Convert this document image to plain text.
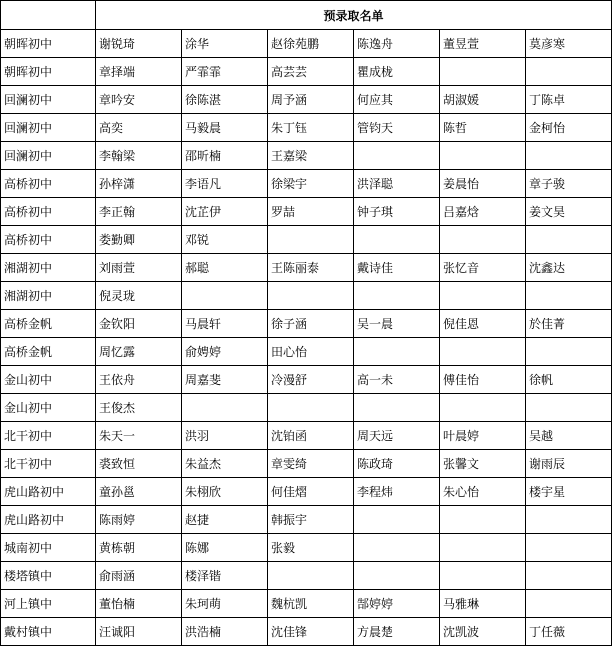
	预录取名单					
朝晖初中	谢锐琦	涂华	赵徐苑鹏	陈逸舟	董昱萱	莫彦寒
朝晖初中	章择端	严霏霏	高芸芸	瞿成栊		
回澜初中	章吟安	徐陈湛	周予涵	何应其	胡淑媛	丁陈卓
回澜初中	高奕	马毅晨	朱丁钰	管钧天	陈哲	金柯怡
回澜初中	李翰梁	邵昕楠	王嘉梁			
高桥初中	孙梓潇	李语凡	徐梁宇	洪泽聪	姜晨怡	章子骏
高桥初中	李正翰	沈芷伊	罗喆	钟子琪	吕嘉焓	姜文昊
高桥初中	娄勤卿	邓锐				
湘湖初中	刘雨萱	郝聪	王陈丽泰	戴诗佳	张忆音	沈鑫达
湘湖初中	倪灵珑					
高桥金帆	金钦阳	马晨轩	徐子涵	吴一晨	倪佳恩	於佳菁
高桥金帆	周忆露	俞娉婷	田心怡			
金山初中	王依舟	周嘉斐	冷漫舒	高一未	傅佳怡	徐帆
金山初中	王俊杰					
北干初中	朱天一	洪羽	沈铂函	周天远	叶晨婷	吴越
北干初中	裘致恒	朱益杰	章雯绮	陈政琦	张馨文	谢雨辰
虎山路初中	童孙邕	朱栩欣	何佳熠	李程炜	朱心怡	楼宇星
虎山路初中	陈雨婷	赵捷	韩振宇			
城南初中	黄栋朝	陈娜	张毅			
楼塔镇中	俞雨涵	楼泽锴				
河上镇中	董怡楠	朱珂萌	魏杭凯	郜婷婷	马雅琳	
戴村镇中	汪诚阳	洪浩楠	沈佳锋	方晨楚	沈凯波	丁任薇
